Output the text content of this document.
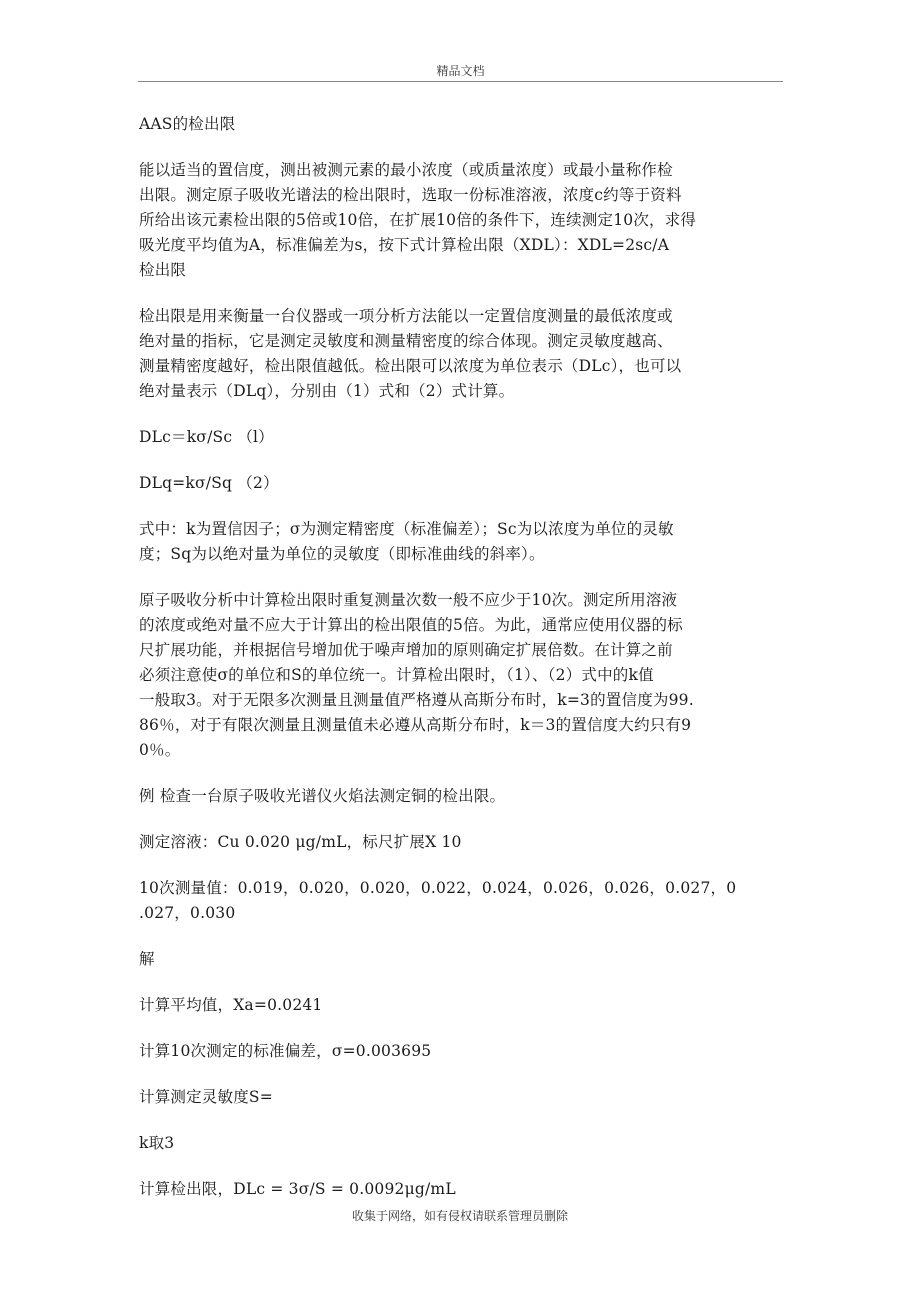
精品文档

AAS的检出限

能以适当的置信度，测出被测元素的最小浓度（或质量浓度）或最小量称作检
出限。测定原子吸收光谱法的检出限时，选取一份标准溶液，浓度c约等于资料
所给出该元素检出限的5倍或10倍，在扩展10倍的条件下，连续测定10次，求得
吸光度平均值为A，标准偏差为s，按下式计算检出限（XDL）：XDL=2sc/A
检出限

检出限是用来衡量一台仪器或一项分析方法能以一定置信度测量的最低浓度或
绝对量的指标，它是测定灵敏度和测量精密度的综合体现。测定灵敏度越高、
测量精密度越好，检出限值越低。检出限可以浓度为单位表示（DLc），也可以
绝对量表示（DLq），分别由（1）式和（2）式计算。

DLc＝kσ/Sc （l）

DLq=kσ/Sq （2）

式中：k为置信因子；σ为测定精密度（标准偏差）；Sc为以浓度为单位的灵敏
度；Sq为以绝对量为单位的灵敏度（即标准曲线的斜率）。

原子吸收分析中计算检出限时重复测量次数一般不应少于10次。测定所用溶液
的浓度或绝对量不应大于计算出的检出限值的5倍。为此，通常应使用仪器的标
尺扩展功能，并根据信号增加优于噪声增加的原则确定扩展倍数。在计算之前
必须注意使σ的单位和S的单位统一。计算检出限时，（1）、（2）式中的k值
一般取3。对于无限多次测量且测量值严格遵从高斯分布时，k=3的置信度为99.
86％，对于有限次测量且测量值未必遵从高斯分布时，k＝3的置信度大约只有9
0％。

例 检查一台原子吸收光谱仪火焰法测定铜的检出限。

测定溶液：Cu 0.020 μg/mL，标尺扩展X 10

10次测量值：0.019，0.020，0.020，0.022，0.024，0.026，0.026，0.027，0
.027，0.030

解

计算平均值，Xa=0.0241

计算10次测定的标准偏差，σ=0.003695

计算测定灵敏度S=

k取3

计算检出限，DLc = 3σ/S = 0.0092μg/mL

收集于网络，如有侵权请联系管理员删除
